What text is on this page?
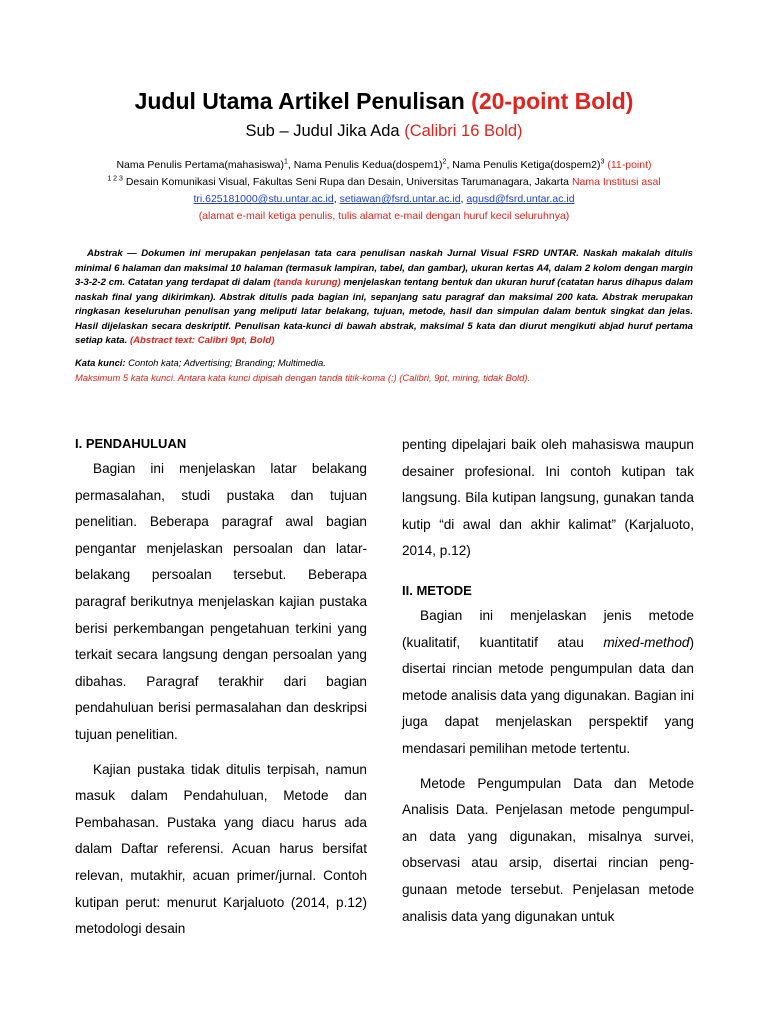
Judul Utama Artikel Penulisan (20-point Bold)
Sub – Judul Jika Ada (Calibri 16 Bold)
Nama Penulis Pertama(mahasiswa)$^1$, Nama Penulis Kedua(dospem1)$^2$, Nama Penulis Ketiga(dospem2)$^3$ (11-point)
$^{1 2 3}$ Desain Komunikasi Visual, Fakultas Seni Rupa dan Desain, Universitas Tarumanagara, Jakarta Nama Institusi asal
tri.625181000@stu.untar.ac.id, setiawan@fsrd.untar.ac.id, agusd@fsrd.untar.ac.id
(alamat e-mail ketiga penulis, tulis alamat e-mail dengan huruf kecil seluruhnya)
Abstrak — Dokumen ini merupakan penjelasan tata cara penulisan naskah Jurnal Visual FSRD UNTAR. Naskah makalah ditulis minimal 6 halaman dan maksimal 10 halaman (termasuk lampiran, tabel, dan gambar), ukuran kertas A4, dalam 2 kolom dengan margin 3-3-2-2 cm. Catatan yang terdapat di dalam (tanda kurung) menjelaskan tentang bentuk dan ukuran huruf (catatan harus dihapus dalam naskah final yang dikirimkan). Abstrak ditulis pada bagian ini, sepanjang satu paragraf dan maksimal 200 kata. Abstrak merupakan ringkasan keseluruhan penulisan yang meliputi latar belakang, tujuan, metode, hasil dan simpulan dalam bentuk singkat dan jelas. Hasil dijelaskan secara deskriptif. Penulisan kata-kunci di bawah abstrak, maksimal 5 kata dan diurut mengikuti abjad huruf pertama setiap kata. (Abstract text: Calibri 9pt, Bold)
Kata kunci: Contoh kata; Advertising; Branding; Multimedia.
Maksimum 5 kata kunci. Antara kata kunci dipisah dengan tanda titik-koma (;) (Calibri, 9pt, miring, tidak Bold).
I. PENDAHULUAN

Bagian ini menjelaskan latar belakang permasalahan, studi pustaka dan tujuan penelitian. Beberapa paragraf awal bagian pengantar menjelaskan persoalan dan latar-belakang persoalan tersebut. Beberapa paragraf berikutnya menjelaskan kajian pustaka berisi perkembangan pengetahuan terkini yang terkait secara langsung dengan persoalan yang dibahas. Paragraf terakhir dari bagian pendahuluan berisi permasalahan dan deskripsi tujuan penelitian.

Kajian pustaka tidak ditulis terpisah, namun masuk dalam Pendahuluan, Metode dan Pembahasan. Pustaka yang diacu harus ada dalam Daftar referensi. Acuan harus bersifat relevan, mutakhir, acuan primer/jurnal. Contoh kutipan perut: menurut Karjaluoto (2014, p.12) metodologi desain

penting dipelajari baik oleh mahasiswa maupun desainer profesional. Ini contoh kutipan tak langsung. Bila kutipan langsung, gunakan tanda kutip “di awal dan akhir kalimat” (Karjaluoto, 2014, p.12)

II. METODE

Bagian ini menjelaskan jenis metode (kualitatif, kuantitatif atau mixed-method) disertai rincian metode pengumpulan data dan metode analisis data yang digunakan. Bagian ini juga dapat menjelaskan perspektif yang mendasari pemilihan metode tertentu.

Metode Pengumpulan Data dan Metode Analisis Data. Penjelasan metode pengumpul-an data yang digunakan, misalnya survei, observasi atau arsip, disertai rincian peng-gunaan metode tersebut. Penjelasan metode analisis data yang digunakan untuk
